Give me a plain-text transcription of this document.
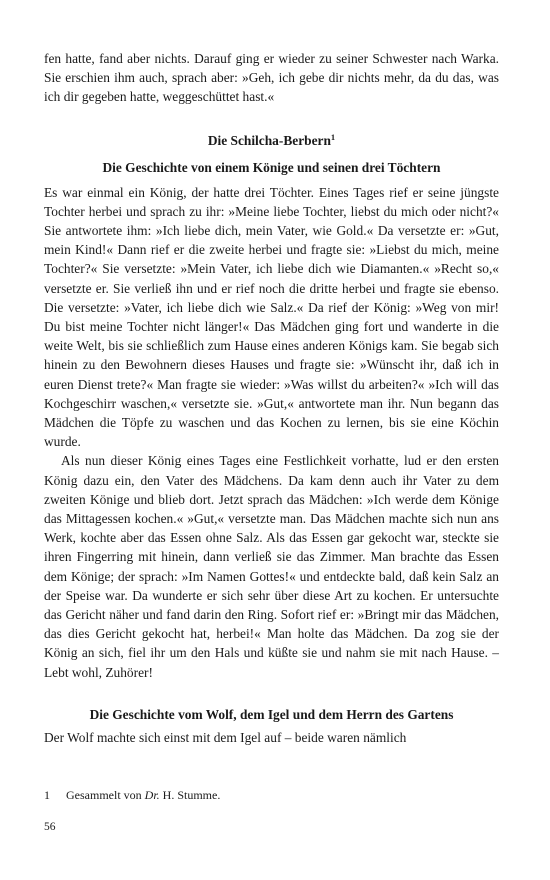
fen hatte, fand aber nichts. Darauf ging er wieder zu seiner Schwester nach Warka. Sie erschien ihm auch, sprach aber: »Geh, ich gebe dir nichts mehr, da du das, was ich dir gegeben hatte, weggeschüttet hast.«

Die Schilcha-Berbern$^1$
Die Geschichte von einem Könige und seinen drei Töchtern

Es war einmal ein König, der hatte drei Töchter. Eines Tages rief er seine jüngste Tochter herbei und sprach zu ihr: »Meine liebe Tochter, liebst du mich oder nicht?« Sie antwortete ihm: »Ich liebe dich, mein Vater, wie Gold.« Da versetzte er: »Gut, mein Kind!« Dann rief er die zweite herbei und fragte sie: »Liebst du mich, meine Tochter?« Sie versetzte: »Mein Vater, ich liebe dich wie Diamanten.« »Recht so,« versetzte er. Sie verließ ihn und er rief noch die dritte herbei und fragte sie ebenso. Die versetzte: »Vater, ich liebe dich wie Salz.« Da rief der König: »Weg von mir! Du bist meine Tochter nicht länger!« Das Mädchen ging fort und wanderte in die weite Welt, bis sie schließlich zum Hause eines anderen Königs kam. Sie begab sich hinein zu den Bewohnern dieses Hauses und fragte sie: »Wünscht ihr, daß ich in euren Dienst trete?« Man fragte sie wieder: »Was willst du arbeiten?« »Ich will das Kochgeschirr waschen,« versetzte sie. »Gut,« antwortete man ihr. Nun begann das Mädchen die Töpfe zu waschen und das Kochen zu lernen, bis sie eine Köchin wurde.

Als nun dieser König eines Tages eine Festlichkeit vorhatte, lud er den ersten König dazu ein, den Vater des Mädchens. Da kam denn auch ihr Vater zu dem zweiten Könige und blieb dort. Jetzt sprach das Mädchen: »Ich werde dem Könige das Mittagessen kochen.« »Gut,« versetzte man. Das Mädchen machte sich nun ans Werk, kochte aber das Essen ohne Salz. Als das Essen gar gekocht war, steckte sie ihren Fingerring mit hinein, dann verließ sie das Zimmer. Man brachte das Essen dem Könige; der sprach: »Im Namen Gottes!« und entdeckte bald, daß kein Salz an der Speise war. Da wunderte er sich sehr über diese Art zu kochen. Er untersuchte das Gericht näher und fand darin den Ring. Sofort rief er: »Bringt mir das Mädchen, das dies Gericht gekocht hat, herbei!« Man holte das Mädchen. Da zog sie der König an sich, fiel ihr um den Hals und küßte sie und nahm sie mit nach Hause. – Lebt wohl, Zuhörer!

Die Geschichte vom Wolf, dem Igel und dem Herrn des Gartens

Der Wolf machte sich einst mit dem Igel auf – beide waren nämlich

1 Gesammelt von Dr. H. Stumme.
56
